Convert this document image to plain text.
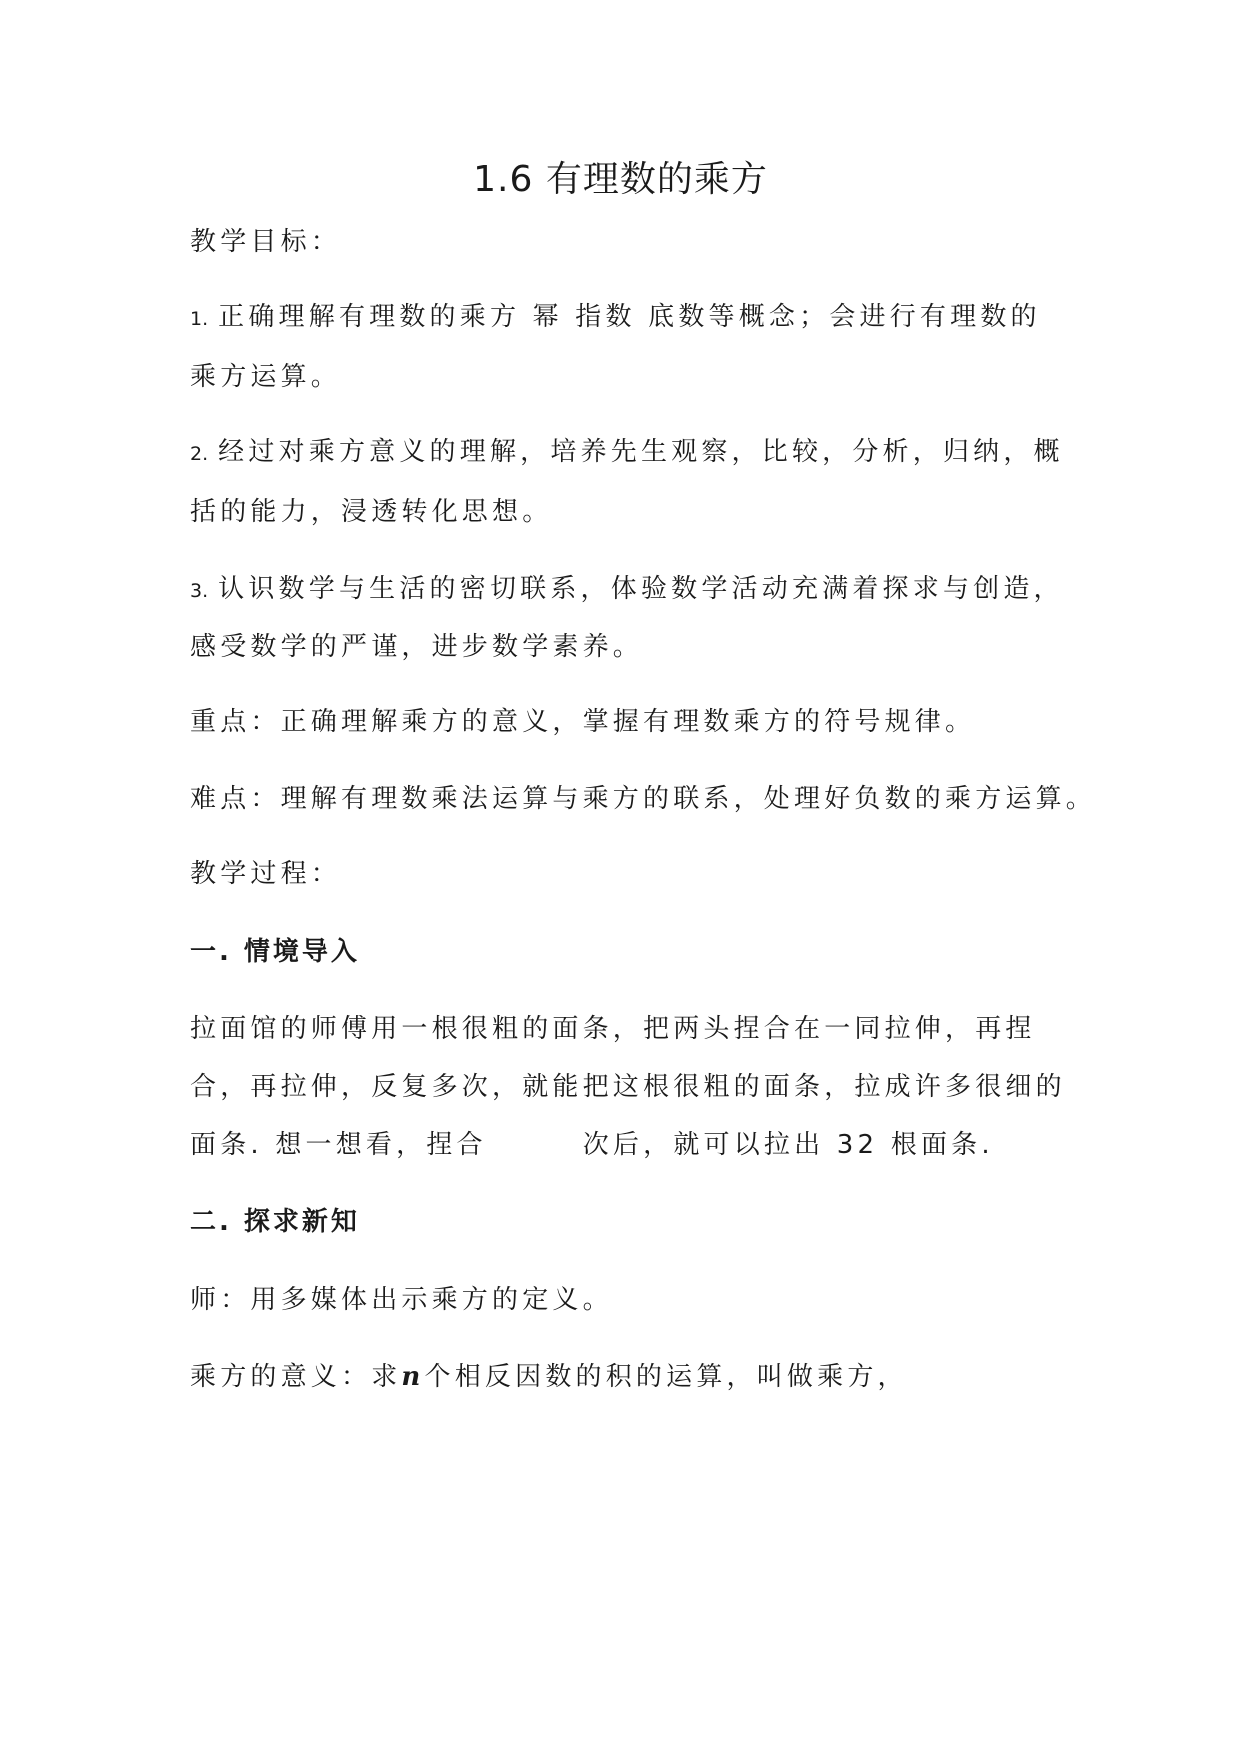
1.6 有理数的乘方

教学目标：

1. 正确理解有理数的乘方 幂 指数 底数等概念；会进行有理数的

乘方运算。

2. 经过对乘方意义的理解，培养先生观察，比较，分析，归纳，概

括的能力，浸透转化思想。

3. 认识数学与生活的密切联系，体验数学活动充满着探求与创造，

感受数学的严谨，进步数学素养。

重点：正确理解乘方的意义，掌握有理数乘方的符号规律。

难点：理解有理数乘法运算与乘方的联系，处理好负数的乘方运算。

教学过程：

一. 情境导入

拉面馆的师傅用一根很粗的面条，把两头捏合在一同拉伸，再捏

合，再拉伸，反复多次，就能把这根很粗的面条，拉成许多很细的

面条. 想一想看，捏合	次后，就可以拉出 32 根面条.

二. 探求新知

师：用多媒体出示乘方的定义。

乘方的意义：求n个相反因数的积的运算，叫做乘方，
